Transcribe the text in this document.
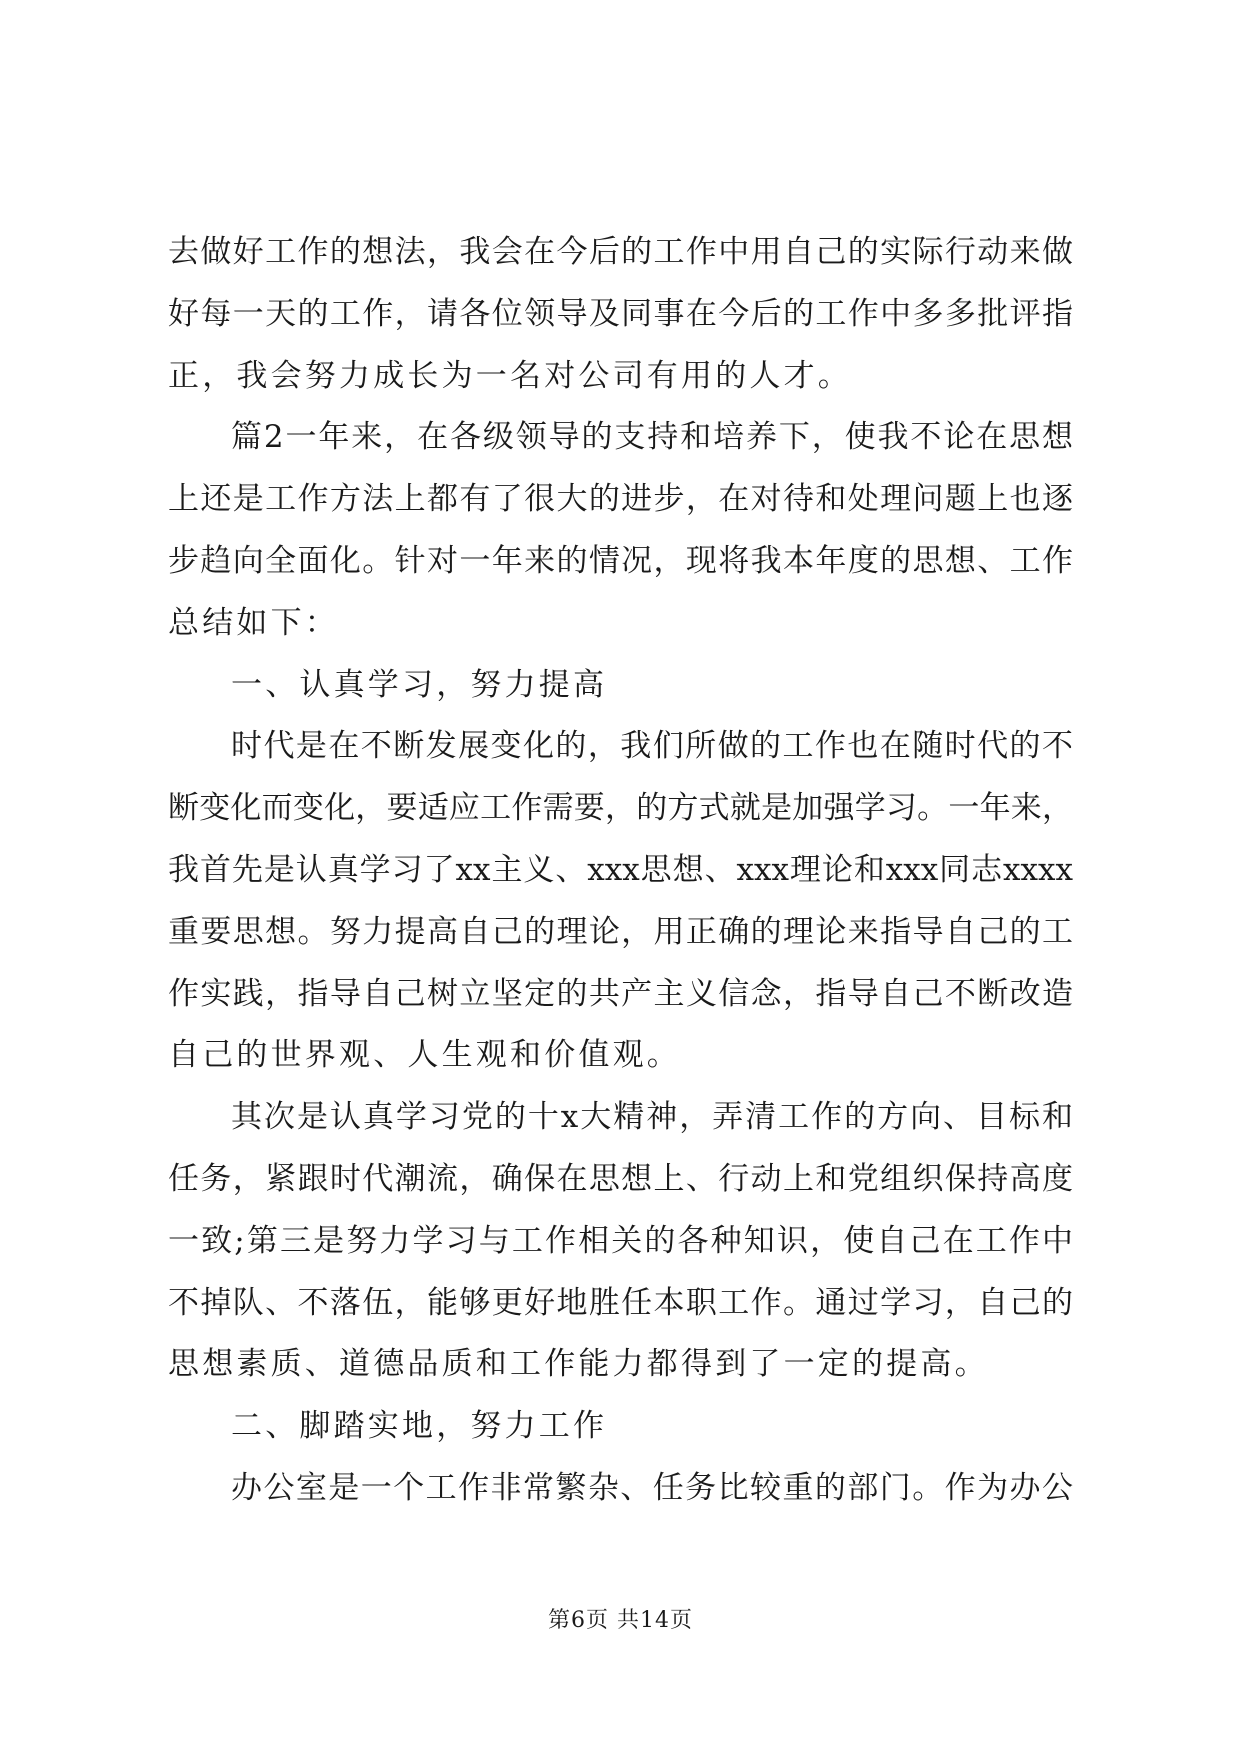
去做好工作的想法，我会在今后的工作中用自己的实际行动来做
好每一天的工作，请各位领导及同事在今后的工作中多多批评指
正，我会努力成长为一名对公司有用的人才。
篇2一年来，在各级领导的支持和培养下，使我不论在思想
上还是工作方法上都有了很大的进步，在对待和处理问题上也逐
步趋向全面化。针对一年来的情况，现将我本年度的思想、工作
总结如下：
一、认真学习，努力提高
时代是在不断发展变化的，我们所做的工作也在随时代的不
断变化而变化，要适应工作需要，的方式就是加强学习。一年来，
我首先是认真学习了xx主义、xxx思想、xxx理论和xxx同志xxxx
重要思想。努力提高自己的理论，用正确的理论来指导自己的工
作实践，指导自己树立坚定的共产主义信念，指导自己不断改造
自己的世界观、人生观和价值观。
其次是认真学习党的十x大精神，弄清工作的方向、目标和
任务，紧跟时代潮流，确保在思想上、行动上和党组织保持高度
一致;第三是努力学习与工作相关的各种知识，使自己在工作中
不掉队、不落伍，能够更好地胜任本职工作。通过学习，自己的
思想素质、道德品质和工作能力都得到了一定的提高。
二、脚踏实地，努力工作
办公室是一个工作非常繁杂、任务比较重的部门。作为办公
第6页 共14页
